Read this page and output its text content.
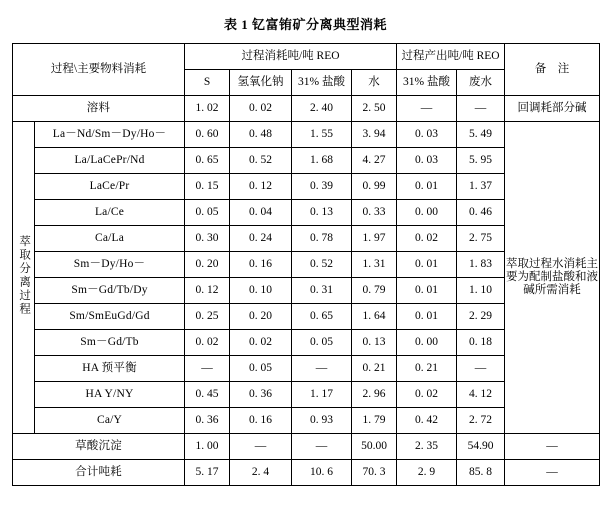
表 1 钇富铕矿分离典型消耗
过程\主要物料消耗		过程消耗吨/吨 REO				过程产出吨/吨 REO		备　注
		S	氢氧化钠	31% 盐酸	水	31% 盐酸	废水	
溶料		1. 02	0. 02	2. 40	2. 50	—	—	回调耗部分碱
萃取分离过程	La－Nd/Sm－Dy/Ho－	0. 60	0. 48	1. 55	3. 94	0. 03	5. 49	萃取过程水消耗主要为配制盐酸和液碱所需消耗
	La/LaCePr/Nd	0. 65	0. 52	1. 68	4. 27	0. 03	5. 95	
	LaCe/Pr	0. 15	0. 12	0. 39	0. 99	0. 01	1. 37	
	La/Ce	0. 05	0. 04	0. 13	0. 33	0. 00	0. 46	
	Ca/La	0. 30	0. 24	0. 78	1. 97	0. 02	2. 75	
	Sm－Dy/Ho－	0. 20	0. 16	0. 52	1. 31	0. 01	1. 83	
	Sm－Gd/Tb/Dy	0. 12	0. 10	0. 31	0. 79	0. 01	1. 10	
	Sm/SmEuGd/Gd	0. 25	0. 20	0. 65	1. 64	0. 01	2. 29	
	Sm－Gd/Tb	0. 02	0. 02	0. 05	0. 13	0. 00	0. 18	
	HA 预平衡	—	0. 05	—	0. 21	0. 21	—	
	HA Y/NY	0. 45	0. 36	1. 17	2. 96	0. 02	4. 12	
	Ca/Y	0. 36	0. 16	0. 93	1. 79	0. 42	2. 72	
草酸沉淀		1. 00	—	—	50.00	2. 35	54.90	—
合计吨耗		5. 17	2. 4	10. 6	70. 3	2. 9	85. 8	—
